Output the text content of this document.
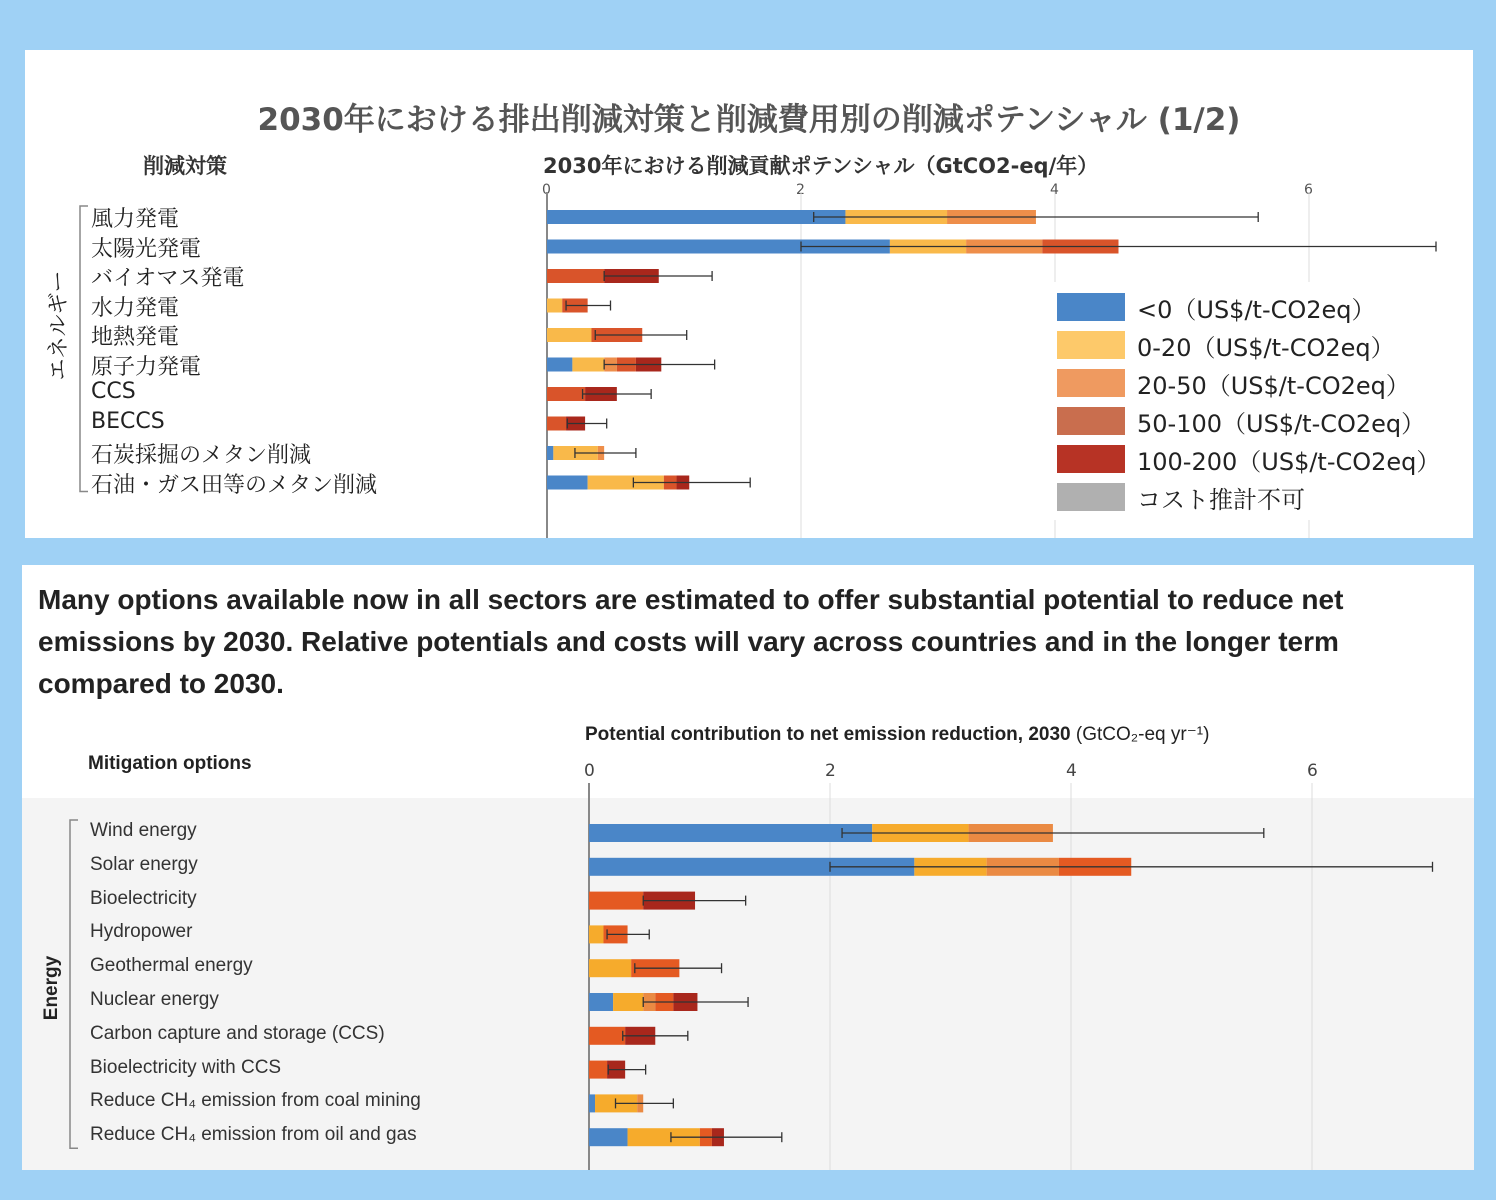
2030年における排出削減対策と削減費用別の削減ポテンシャル (1/2)
削減対策	2030年における削減貢献ポテンシャル（GtCO2-eq/年）
0	2	4	6
風力発電
太陽光発電
バイオマス発電
水力発電
地熱発電
原子力発電
CCS
BECCS
石炭採掘のメタン削減
石油・ガス田等のメタン削減
エネルギー	<0（US$/t-CO2eq）
0-20（US$/t-CO2eq）
20-50（US$/t-CO2eq）
50-100（US$/t-CO2eq）
100-200（US$/t-CO2eq）
コスト推計不可
Many options available now in all sectors are estimated to offer substantial potential to reduce net emissions by 2030. Relative potentials and costs will vary across countries and in the longer term compared to 2030.
Potential contribution to net emission reduction, 2030 (GtCO₂-eq yr⁻¹)
Mitigation options	0	2	4	6
Wind energy
Solar energy
Bioelectricity
Hydropower
Geothermal energy
Nuclear energy
Carbon capture and storage (CCS)
Bioelectricity with CCS
Reduce CH₄ emission from coal mining
Reduce CH₄ emission from oil and gas
Energy
